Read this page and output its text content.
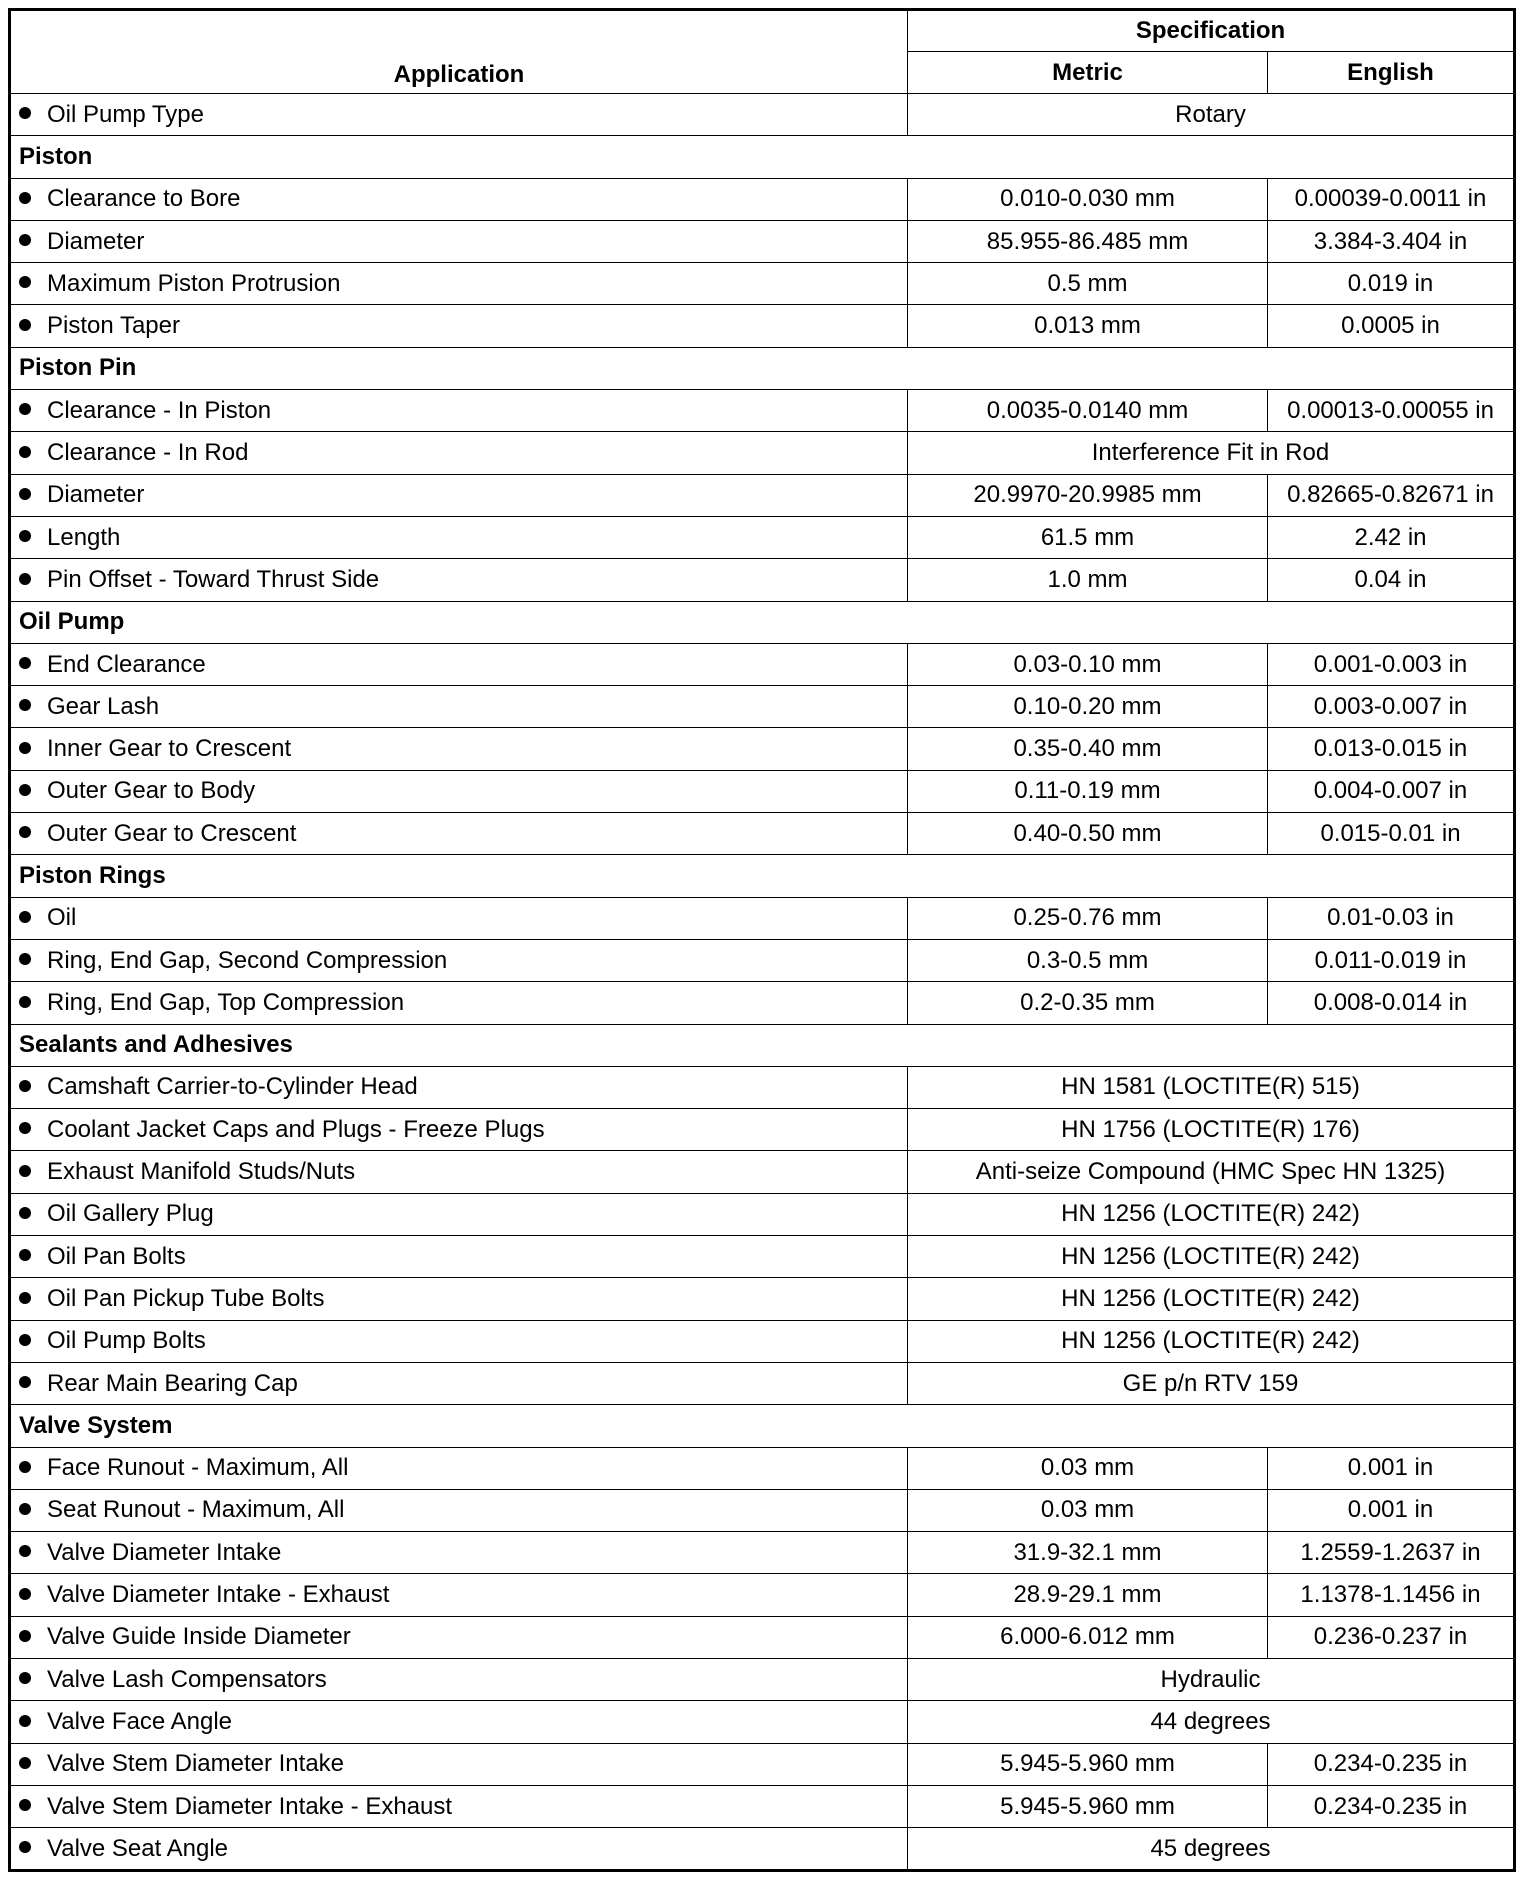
Application	Specification	
	Metric	English
Oil Pump Type	Rotary	
Piston		
Clearance to Bore	0.010-0.030 mm	0.00039-0.0011 in
Diameter	85.955-86.485 mm	3.384-3.404 in
Maximum Piston Protrusion	0.5 mm	0.019 in
Piston Taper	0.013 mm	0.0005 in
Piston Pin		
Clearance - In Piston	0.0035-0.0140 mm	0.00013-0.00055 in
Clearance - In Rod	Interference Fit in Rod	
Diameter	20.9970-20.9985 mm	0.82665-0.82671 in
Length	61.5 mm	2.42 in
Pin Offset - Toward Thrust Side	1.0 mm	0.04 in
Oil Pump		
End Clearance	0.03-0.10 mm	0.001-0.003 in
Gear Lash	0.10-0.20 mm	0.003-0.007 in
Inner Gear to Crescent	0.35-0.40 mm	0.013-0.015 in
Outer Gear to Body	0.11-0.19 mm	0.004-0.007 in
Outer Gear to Crescent	0.40-0.50 mm	0.015-0.01 in
Piston Rings		
Oil	0.25-0.76 mm	0.01-0.03 in
Ring, End Gap, Second Compression	0.3-0.5 mm	0.011-0.019 in
Ring, End Gap, Top Compression	0.2-0.35 mm	0.008-0.014 in
Sealants and Adhesives		
Camshaft Carrier-to-Cylinder Head	HN 1581 (LOCTITE(R) 515)	
Coolant Jacket Caps and Plugs - Freeze Plugs	HN 1756 (LOCTITE(R) 176)	
Exhaust Manifold Studs/Nuts	Anti-seize Compound (HMC Spec HN 1325)	
Oil Gallery Plug	HN 1256 (LOCTITE(R) 242)	
Oil Pan Bolts	HN 1256 (LOCTITE(R) 242)	
Oil Pan Pickup Tube Bolts	HN 1256 (LOCTITE(R) 242)	
Oil Pump Bolts	HN 1256 (LOCTITE(R) 242)	
Rear Main Bearing Cap	GE p/n RTV 159	
Valve System		
Face Runout - Maximum, All	0.03 mm	0.001 in
Seat Runout - Maximum, All	0.03 mm	0.001 in
Valve Diameter Intake	31.9-32.1 mm	1.2559-1.2637 in
Valve Diameter Intake - Exhaust	28.9-29.1 mm	1.1378-1.1456 in
Valve Guide Inside Diameter	6.000-6.012 mm	0.236-0.237 in
Valve Lash Compensators	Hydraulic	
Valve Face Angle	44 degrees	
Valve Stem Diameter Intake	5.945-5.960 mm	0.234-0.235 in
Valve Stem Diameter Intake - Exhaust	5.945-5.960 mm	0.234-0.235 in
Valve Seat Angle	45 degrees	
